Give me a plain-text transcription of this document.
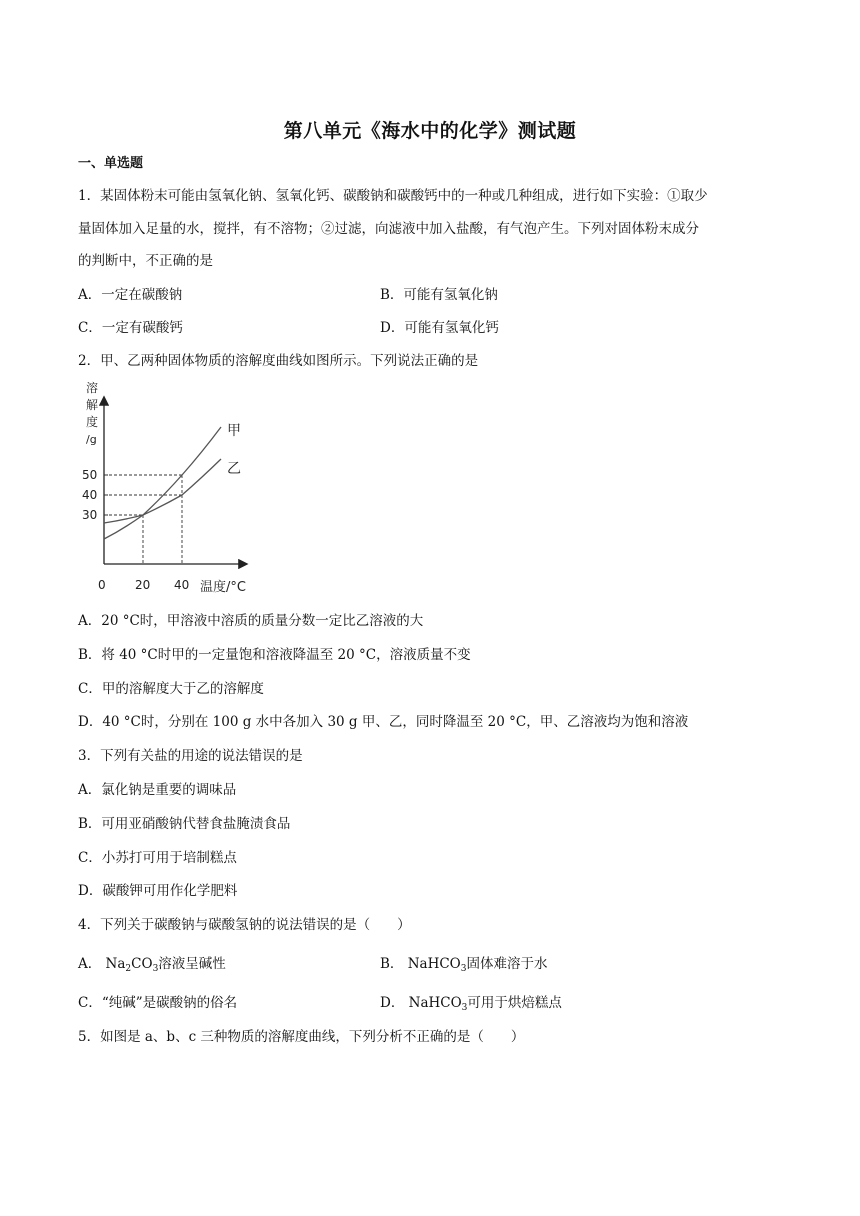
第八单元《海水中的化学》测试题
一、单选题
1．某固体粉末可能由氢氧化钠、氢氧化钙、碳酸钠和碳酸钙中的一种或几种组成，进行如下实验：①取少
量固体加入足量的水，搅拌，有不溶物；②过滤，向滤液中加入盐酸，有气泡产生。下列对固体粉末成分
的判断中，不正确的是
A．一定在碳酸钠	B．可能有氢氧化钠
C．一定有碳酸钙	D．可能有氢氧化钙
2．甲、乙两种固体物质的溶解度曲线如图所示。下列说法正确的是
溶 解 度 /g
0 20 40
30
40
50
甲
乙
温度/°C
A．20 °C时，甲溶液中溶质的质量分数一定比乙溶液的大
B．将 40 °C时甲的一定量饱和溶液降温至 20 °C，溶液质量不变
C．甲的溶解度大于乙的溶解度
D．40 °C时，分别在 100 g 水中各加入 30 g 甲、乙，同时降温至 20 °C，甲、乙溶液均为饱和溶液
3．下列有关盐的用途的说法错误的是
A．氯化钠是重要的调味品
B．可用亚硝酸钠代替食盐腌渍食品
C．小苏打可用于培制糕点
D．碳酸钾可用作化学肥料
4．下列关于碳酸钠与碳酸氢钠的说法错误的是（　　）
A． $Na_2CO_3$溶液呈碱性	B． NaHCO$_3$固体难溶于水
C．“纯碱”是碳酸钠的俗名	D． NaHCO$_3$可用于烘焙糕点
5．如图是 a、b、c 三种物质的溶解度曲线，下列分析不正确的是（　　）
